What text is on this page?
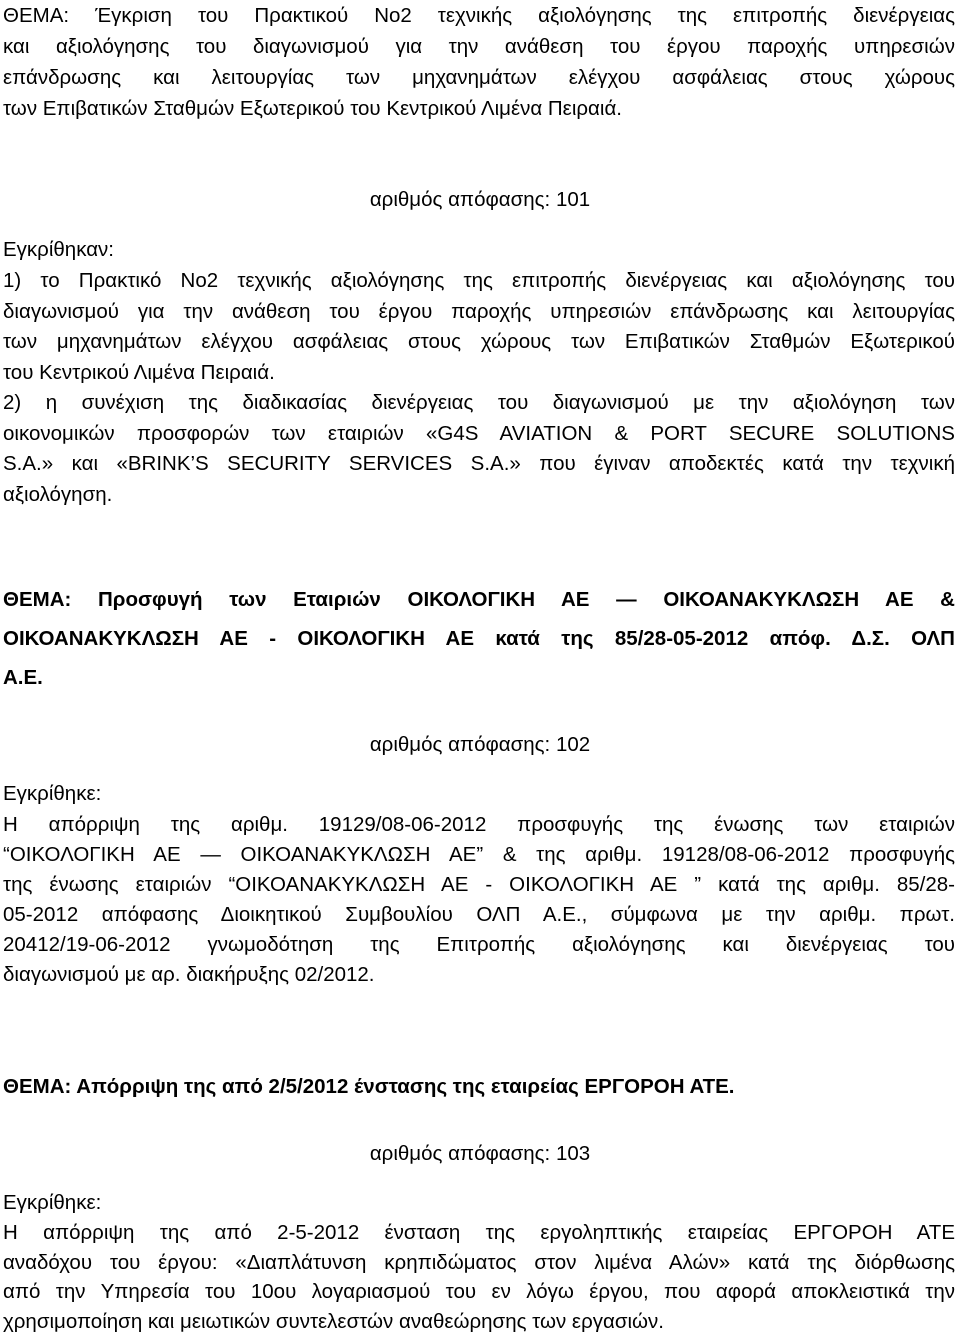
ΘΕΜΑ: Έγκριση του Πρακτικού Νο2 τεχνικής αξιολόγησης της επιτροπής διενέργειας
και αξιολόγησης του διαγωνισμού για την ανάθεση του έργου παροχής υπηρεσιών
επάνδρωσης και λειτουργίας των μηχανημάτων ελέγχου ασφάλειας στους χώρους
των Επιβατικών Σταθμών Εξωτερικού του Κεντρικού Λιμένα Πειραιά.
αριθμός απόφασης: 101
Εγκρίθηκαν:
1) το Πρακτικό Νο2 τεχνικής αξιολόγησης της επιτροπής διενέργειας και αξιολόγησης του
διαγωνισμού για την ανάθεση του έργου παροχής υπηρεσιών επάνδρωσης και λειτουργίας
των μηχανημάτων ελέγχου ασφάλειας στους χώρους των Επιβατικών Σταθμών Εξωτερικού
του Κεντρικού Λιμένα Πειραιά.
2) η συνέχιση της διαδικασίας διενέργειας του διαγωνισμού με την αξιολόγηση των
οικονομικών προσφορών των εταιριών «G4S AVIATION & PORT SECURE SOLUTIONS
S.A.» και «BRINK’S SECURITY SERVICES S.A.» που έγιναν αποδεκτές κατά την τεχνική
αξιολόγηση.
ΘΕΜΑ: Προσφυγή των Εταιριών ΟΙΚΟΛΟΓΙΚΗ ΑΕ — ΟΙΚΟΑΝΑΚΥΚΛΩΣΗ ΑΕ &
ΟΙΚΟΑΝΑΚΥΚΛΩΣΗ ΑΕ - ΟΙΚΟΛΟΓΙΚΗ ΑΕ κατά της 85/28-05-2012 απόφ. Δ.Σ. ΟΛΠ
Α.Ε.
αριθμός απόφασης: 102
Εγκρίθηκε:
Η απόρριψη της αριθμ. 19129/08-06-2012 προσφυγής της ένωσης των εταιριών
“ΟΙΚΟΛΟΓΙΚΗ ΑΕ — ΟΙΚΟΑΝΑΚΥΚΛΩΣΗ ΑΕ” & της αριθμ. 19128/08-06-2012 προσφυγής
της ένωσης εταιριών “ΟΙΚΟΑΝΑΚΥΚΛΩΣΗ ΑΕ - ΟΙΚΟΛΟΓΙΚΗ ΑΕ ” κατά της αριθμ. 85/28-
05-2012 απόφασης Διοικητικού Συμβουλίου ΟΛΠ Α.Ε., σύμφωνα με την αριθμ. πρωτ.
20412/19-06-2012 γνωμοδότηση της Επιτροπής αξιολόγησης και διενέργειας του
διαγωνισμού με αρ. διακήρυξης 02/2012.
ΘΕΜΑ: Απόρριψη της από 2/5/2012 ένστασης της εταιρείας ΕΡΓΟΡΟΗ ΑΤΕ.
αριθμός απόφασης: 103
Εγκρίθηκε:
Η απόρριψη της από 2-5-2012 ένσταση της εργοληπτικής εταιρείας ΕΡΓΟΡΟΗ ΑΤΕ
αναδόχου του έργου: «Διαπλάτυνση κρηπιδώματος στον λιμένα Αλών» κατά της διόρθωσης
από την Υπηρεσία του 10ου λογαριασμού του εν λόγω έργου, που αφορά αποκλειστικά την
χρησιμοποίηση και μειωτικών συντελεστών αναθεώρησης των εργασιών.
